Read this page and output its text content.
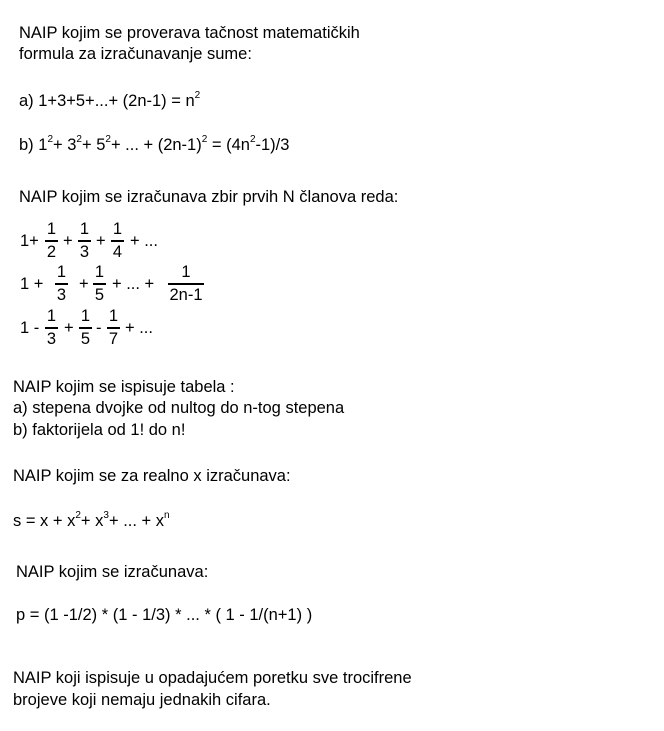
NAIP kojim se proverava tačnost matematičkih
formula za izračunavanje sume:
a) $1+3+5+...+ (2n-1) = n^2$
b) $1^2+ 3^2+ 5^2+$ ... + $(2n-1)^2 = (4n^2-1)/3$
NAIP kojim se izračunava zbir prvih N članova reda:
1+
1
2
+
1
3
+
1
4
+ ...
1 +
1
3
+
1
5
+ ... +
1
2n-1
1 -
1
3
+
1
5
-
1
7
+ ...
NAIP kojim se ispisuje tabela :
a) stepena dvojke od nultog do n-tog stepena
b) faktorijela od 1! do n!
NAIP kojim se za realno x izračunava:
$s = x + x^2+ x^3+$ ... + $x^n$
NAIP kojim se izračunava:
p = (1 -1/2) * (1 - 1/3) * ... * ( 1 - 1/(n+1) )
NAIP koji ispisuje u opadajućem poretku sve trocifrene
brojeve koji nemaju jednakih cifara.
